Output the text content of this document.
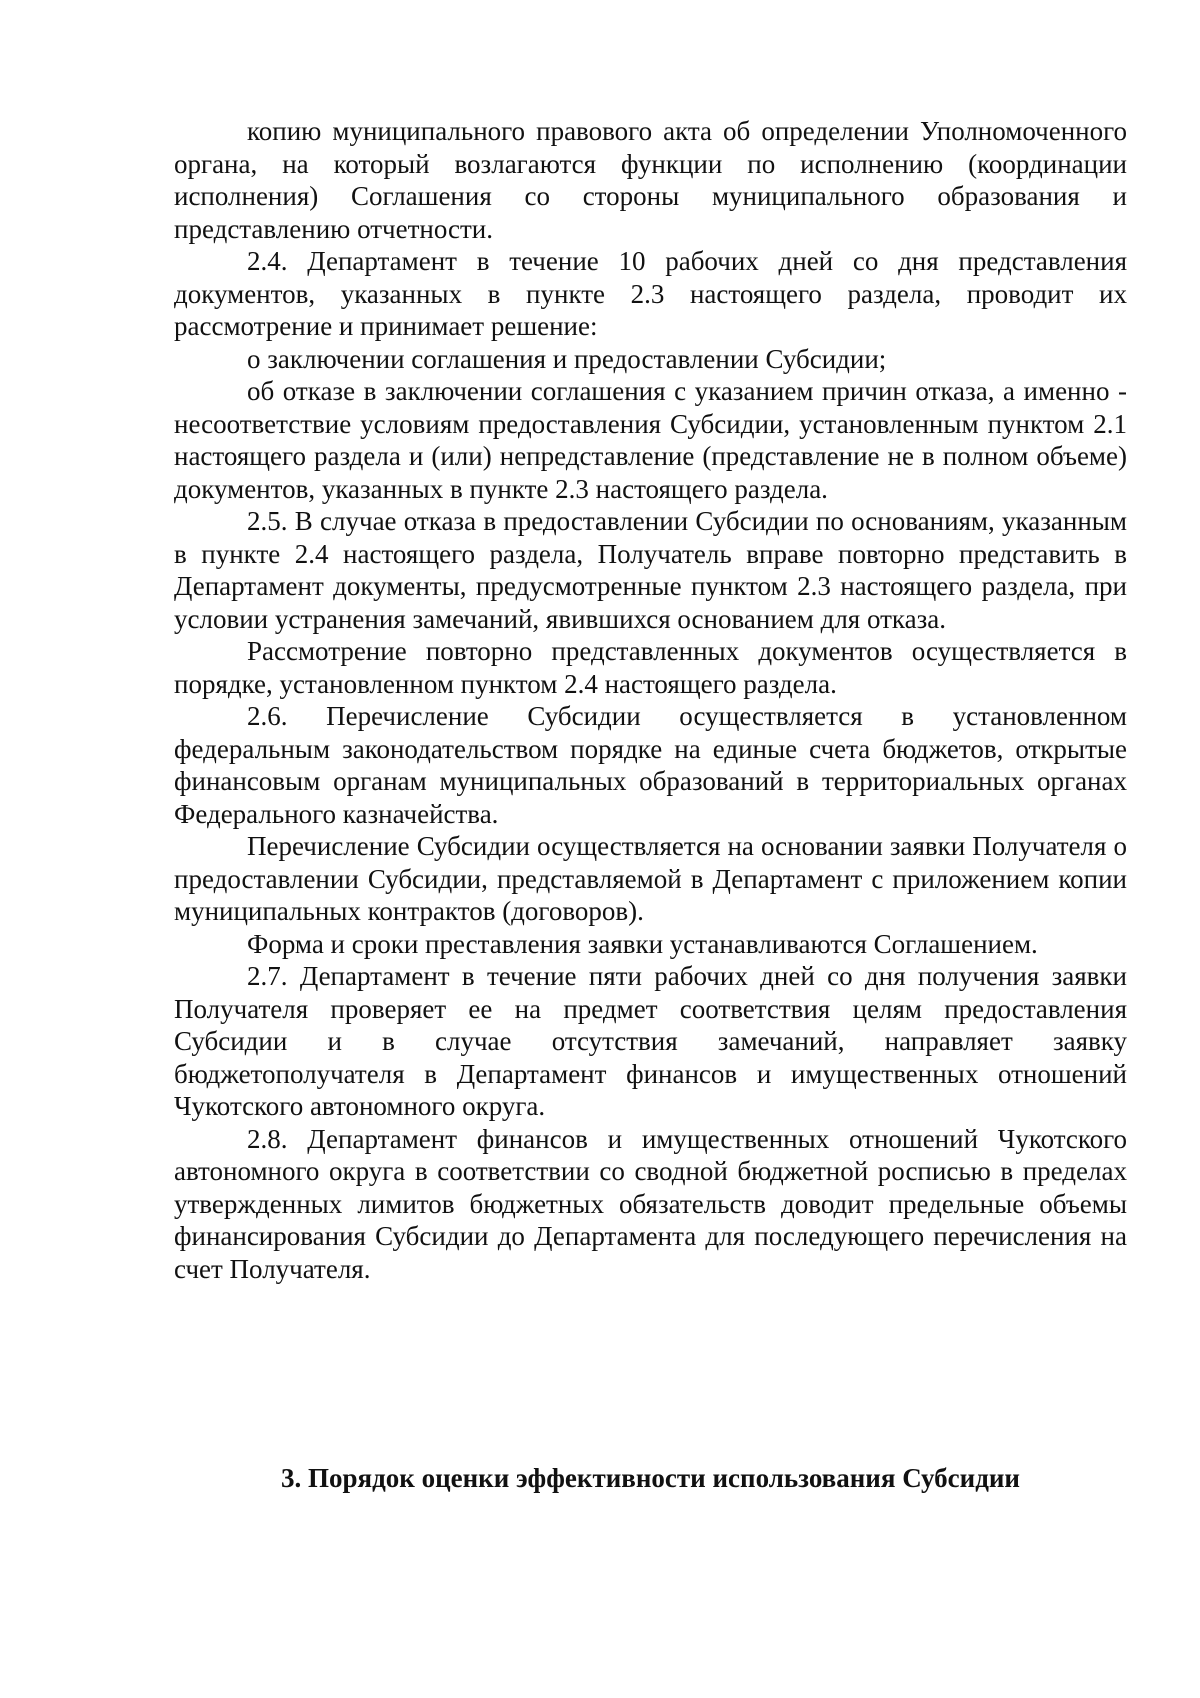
копию муниципального правового акта об определении Уполномоченного органа, на который возлагаются функции по исполнению (координации исполнения) Соглашения со стороны муниципального образования и представлению отчетности.

2.4. Департамент в течение 10 рабочих дней со дня представления документов, указанных в пункте 2.3 настоящего раздела, проводит их рассмотрение и принимает решение:

о заключении соглашения и предоставлении Субсидии;

об отказе в заключении соглашения с указанием причин отказа, а именно - несоответствие условиям предоставления Субсидии, установленным пунктом 2.1 настоящего раздела и (или) непредставление (представление не в полном объеме) документов, указанных в пункте 2.3 настоящего раздела.

2.5. В случае отказа в предоставлении Субсидии по основаниям, указанным в пункте 2.4 настоящего раздела, Получатель вправе повторно представить в Департамент документы, предусмотренные пунктом 2.3 настоящего раздела, при условии устранения замечаний, явившихся основанием для отказа.

Рассмотрение повторно представленных документов осуществляется в порядке, установленном пунктом 2.4 настоящего раздела.

2.6. Перечисление Субсидии осуществляется в установленном федеральным законодательством порядке на единые счета бюджетов, открытые финансовым органам муниципальных образований в территориальных органах Федерального казначейства.

Перечисление Субсидии осуществляется на основании заявки Получателя о предоставлении Субсидии, представляемой в Департамент с приложением копии муниципальных контрактов (договоров).

Форма и сроки преставления заявки устанавливаются Соглашением.

2.7. Департамент в течение пяти рабочих дней со дня получения заявки Получателя проверяет ее на предмет соответствия целям предоставления Субсидии и в случае отсутствия замечаний, направляет заявку бюджетополучателя в Департамент финансов и имущественных отношений Чукотского автономного округа.

2.8. Департамент финансов и имущественных отношений Чукотского автономного округа в соответствии со сводной бюджетной росписью в пределах утвержденных лимитов бюджетных обязательств доводит предельные объемы финансирования Субсидии до Департамента для последующего перечисления на счет Получателя.

3. Порядок оценки эффективности использования Субсидии
